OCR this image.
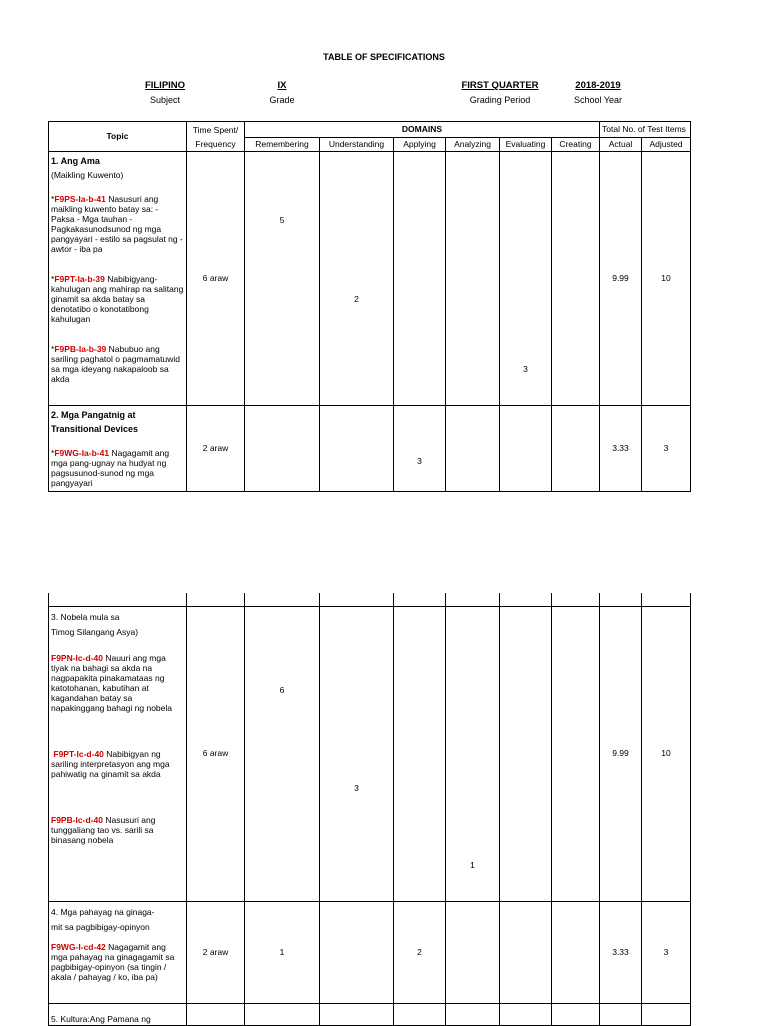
TABLE OF SPECIFICATIONS
FILIPINO
Subject
IX
Grade
FIRST QUARTER
Grading Period
2018-2019
School Year
Topic	Time Spent/	DOMAINS						Total No. of Test Items	
	Frequency	Remembering	Understanding	Applying	Analyzing	Evaluating	Creating	Actual	Adjusted

1. Ang Ama
(Maikling Kuwento)

*F9PS-Ia-b-41 Nasusuri ang maikling kuwento batay sa: - Paksa - Mga tauhan - Pagkakasunodsunod ng mga pangyayari - estilo sa pagsulat ng - awtor - iba pa

*F9PT-Ia-b-39 Nabibigyang-kahulugan ang mahirap na salitang ginamit sa akda batay sa denotatibo o konotatibong kahulugan

*F9PB-Ia-b-39 Nabubuo ang sariling paghatol o pagmamatuwid sa mga ideyang nakapaloob sa akda	6 araw	5	2			3		9.99	10

2. Mga Pangatnig at
Transitional Devices

*F9WG-Ia-b-41 Nagagamit ang mga pang-ugnay na hudyat ng pagsusunod-sunod ng mga pangyayari	2 araw			3				3.33	3

3. Nobela mula sa
Timog Silangang Asya)

F9PN-Ic-d-40 Nauuri ang mga tiyak na bahagi sa akda na nagpapakita pinakamataas ng katotohanan, kabutihan at kagandahan batay sa napakinggang bahagi ng nobela

F9PT-Ic-d-40 Nabibigyan ng sariling interpretasyon ang mga pahiwatig na ginamit sa akda

F9PB-Ic-d-40 Nasusuri ang tunggaliang tao vs. sarili sa binasang nobela	6 araw	6	3		1			9.99	10

4. Mga pahayag na ginaga-
mit sa pagbibigay-opinyon

F9WG-I-cd-42 Nagagamit ang mga pahayag na ginagagamit sa pagbibigay-opinyon (sa tingin / akala / pahayag / ko, iba pa)	2 araw	1		2				3.33	3

5. Kultura:Ang Pamana ng									
